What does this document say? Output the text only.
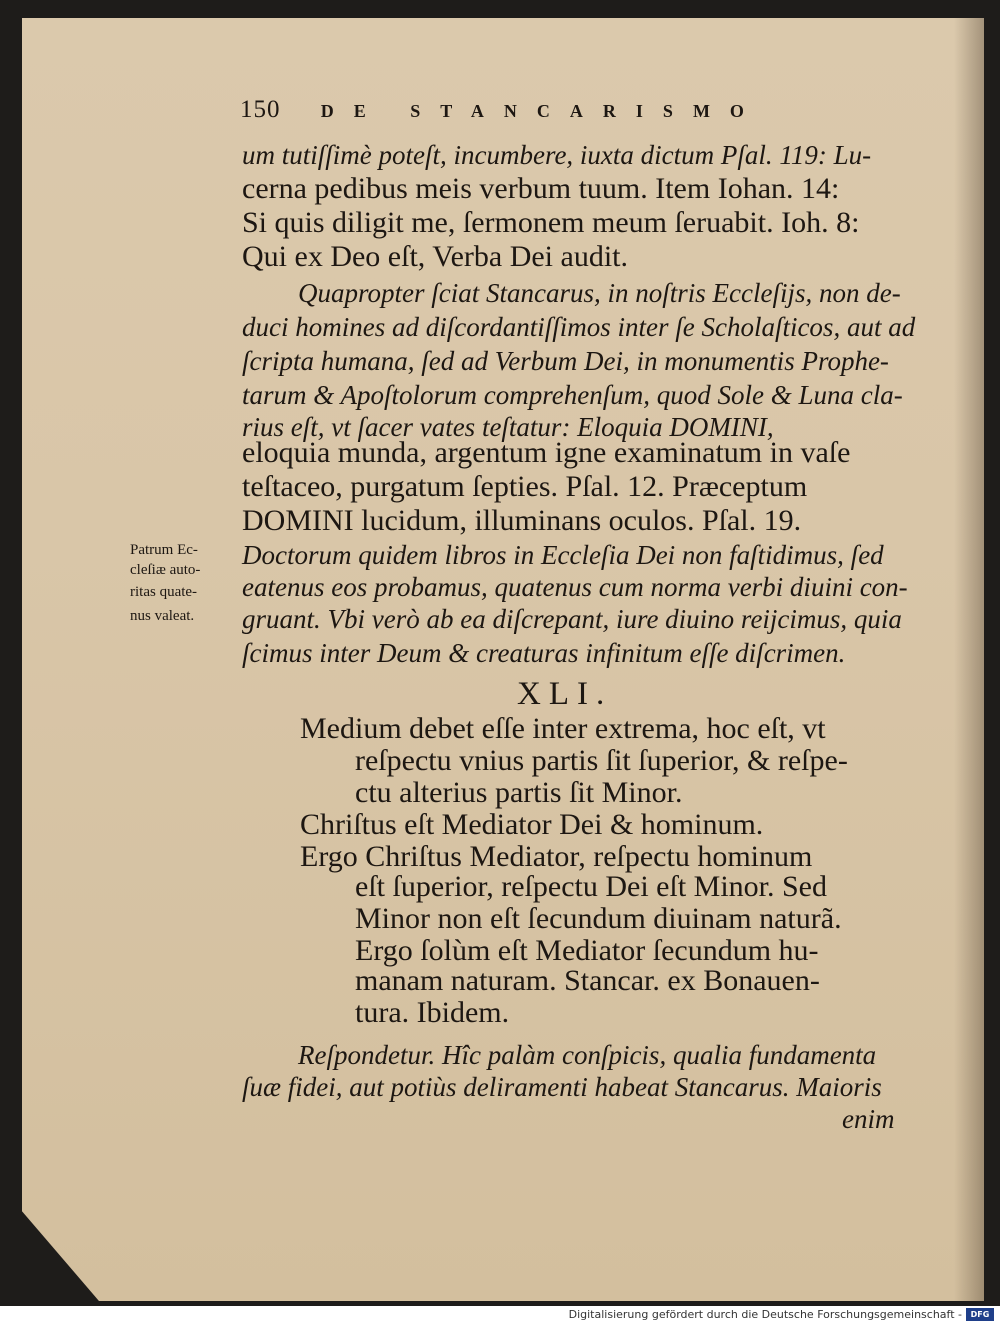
150 DE STANCARISMO
um tutiſſimè poteſt, incumbere, iuxta dictum Pſal. 119: Lu-
cerna pedibus meis verbum tuum. Item Iohan. 14:
Si quis diligit me, ſermonem meum ſeruabit. Ioh. 8:
Qui ex Deo eſt, Verba Dei audit.
Quapropter ſciat Stancarus, in noſtris Eccleſijs, non de-
duci homines ad diſcordantiſſimos inter ſe Scholaſticos, aut ad
ſcripta humana, ſed ad Verbum Dei, in monumentis Prophe-
tarum & Apoſtolorum comprehenſum, quod Sole & Luna cla-
rius eſt, vt ſacer vates teſtatur: Eloquia DOMINI,
eloquia munda, argentum igne examinatum in vaſe
teſtaceo, purgatum ſepties. Pſal. 12. Præceptum
DOMINI lucidum, illuminans oculos. Pſal. 19.
Doctorum quidem libros in Eccleſia Dei non faſtidimus, ſed
eatenus eos probamus, quatenus cum norma verbi diuini con-
gruant. Vbi verò ab ea diſcrepant, iure diuino reijcimus, quia
ſcimus inter Deum & creaturas infinitum eſſe diſcrimen.
Patrum Ec-
cleſiæ auto-
ritas quate-
nus valeat.
XLI.
Medium debet eſſe inter extrema, hoc eſt, vt
reſpectu vnius partis ſit ſuperior, & reſpe-
ctu alterius partis ſit Minor.
Chriſtus eſt Mediator Dei & hominum.
Ergo Chriſtus Mediator, reſpectu hominum
eſt ſuperior, reſpectu Dei eſt Minor. Sed
Minor non eſt ſecundum diuinam naturã.
Ergo ſolùm eſt Mediator ſecundum hu-
manam naturam. Stancar. ex Bonauen-
tura. Ibidem.
Reſpondetur. Hîc palàm conſpicis, qualia fundamenta
ſuæ fidei, aut potiùs deliramenti habeat Stancarus. Maioris
enim
Digitalisierung gefördert durch die Deutsche Forschungsgemeinschaft -	DFG
